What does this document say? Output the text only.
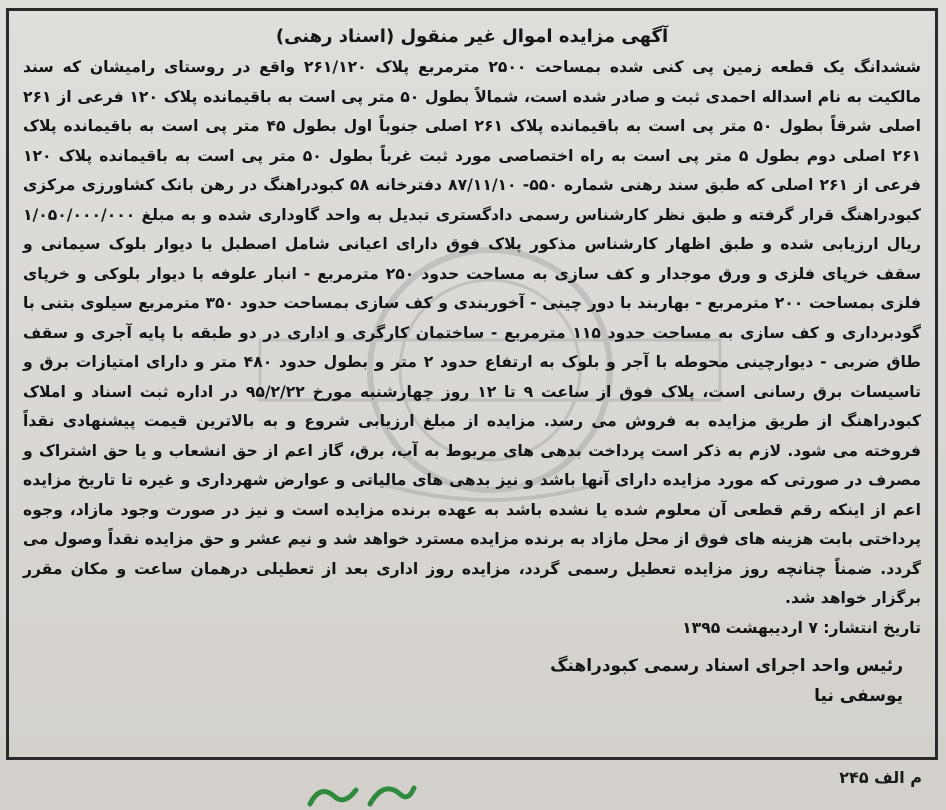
آگهی مزایده اموال غیر منقول (اسناد رهنی)

ششدانگ یک قطعه زمین پی کنی شده بمساحت ۲۵۰۰ مترمربع پلاک ۲۶۱/۱۲۰ واقع در روستای رامیشان که سند مالکیت به نام اسداله احمدی ثبت و صادر شده است، شمالاً بطول ۵۰ متر پی است به باقیمانده پلاک ۱۲۰ فرعی از ۲۶۱ اصلی شرقاً بطول ۵۰ متر پی است به باقیمانده پلاک ۲۶۱ اصلی جنوباً اول بطول ۴۵ متر پی است به باقیمانده پلاک ۲۶۱ اصلی دوم بطول ۵ متر پی است به راه اختصاصی مورد ثبت غرباً بطول ۵۰ متر پی است به باقیمانده پلاک ۱۲۰ فرعی از ۲۶۱ اصلی که طبق سند رهنی شماره ۵۵۰- ۸۷/۱۱/۱۰ دفترخانه ۵۸ کبودراهنگ در رهن بانک کشاورزی مرکزی کبودراهنگ قرار گرفته و طبق نظر کارشناس رسمی دادگستری تبدیل به واحد گاوداری شده و به مبلغ ۱/۰۵۰/۰۰۰/۰۰۰ ریال ارزیابی شده و طبق اظهار کارشناس مذکور پلاک فوق دارای اعیانی شامل اصطبل با دیوار بلوک سیمانی و سقف خرپای فلزی و ورق موجدار و کف سازی به مساحت حدود ۲۵۰ مترمربع - انبار علوفه با دیوار بلوکی و خرپای فلزی بمساحت ۲۰۰ مترمربع - بهاربند با دور چینی - آخوربندی و کف سازی بمساحت حدود ۳۵۰ مترمربع سیلوی بتنی با گودبرداری و کف سازی به مساحت حدود ۱۱۵ مترمربع - ساختمان کارگری و اداری در دو طبقه با پایه آجری و سقف طاق ضربی - دیوارچینی محوطه با آجر و بلوک به ارتفاع حدود ۲ متر و بطول حدود ۴۸۰ متر و دارای امتیازات برق و تاسیسات برق رسانی است، پلاک فوق از ساعت ۹ تا ۱۲ روز چهارشنبه مورخ ۹۵/۲/۲۲ در اداره ثبت اسناد و املاک کبودراهنگ از طریق مزایده به فروش می رسد. مزایده از مبلغ ارزیابی شروع و به بالاترین قیمت پیشنهادی نقداً فروخته می شود. لازم به ذکر است پرداخت بدهی های مربوط به آب، برق، گاز اعم از حق انشعاب و یا حق اشتراک و مصرف در صورتی که مورد مزایده دارای آنها باشد و نیز بدهی های مالیاتی و عوارض شهرداری و غیره تا تاریخ مزایده اعم از اینکه رقم قطعی آن معلوم شده یا نشده باشد به عهده برنده مزایده است و نیز در صورت وجود مازاد، وجوه پرداختی بابت هزینه های فوق از محل مازاد به برنده مزایده مسترد خواهد شد و نیم عشر و حق مزایده نقداً وصول می گردد. ضمناً چنانچه روز مزایده تعطیل رسمی گردد، مزایده روز اداری بعد از تعطیلی درهمان ساعت و مکان مقرر برگزار خواهد شد.

تاریخ انتشار: ۷ اردیبهشت ۱۳۹۵

رئیس واحد اجرای اسناد رسمی کبودراهنگ
یوسفی نیا
م الف ۲۴۵
